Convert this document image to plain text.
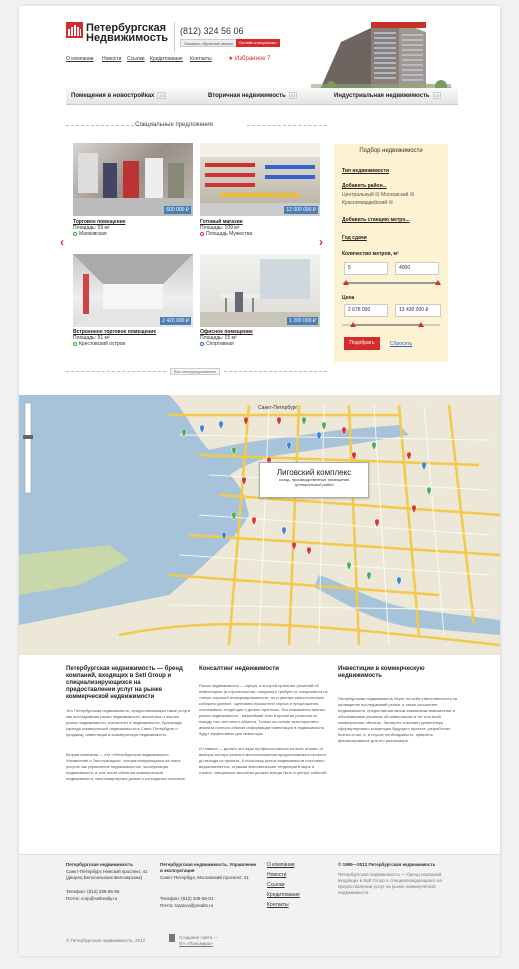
Петербургская
Недвижимость
(812) 324 56 06
Заказать обратный звонок	Онлайн-консультант
О компании Новости Ссылки Кредитование Контакты	★ Избранное 7
Помещения в новостройках 23	Вторичная недвижимость 92	Индустриальная недвижимость 14
Специальные предложения
‹	›
600 000 ₽
Торговое помещение
Площадь: 59 м²
Маяковская
12 000 000 ₽
Готовый магазин
Площадь: 109 м²
Площадь Мужества
2 420 000 ₽
Встроенное торговое помещение
Площадь: 91 м²
Крестовский остров
1 200 000 ₽
Офисное помещение
Площадь: 15 м²
Спортивная
Все спецпредложения
Подбор недвижимости
Тип недвижимости
Добавить район...
Центральный ☒ Московский ☒
Красногвардейский ☒
Добавить станцию метро...
Год сдачи
Количество метров, м²
5	4000
Цена
2 678 000	13 430 000 ₽
Подобрать	Сбросить
Лиговский комплекс
склад, производственные помещения
Центральный район
Санкт-Петербург
Петербургская недвижимость — бренд компаний, входящих в Setl Group и специализирующихся на предоставлении услуг на рынке коммерческой недвижимости
Это Петербургская недвижимость, предоставляющая такие услуги как исследования рынка недвижимости, аналитика и анализ рынка недвижимости, консалтинг в недвижимости, брокеридж (аренда коммерческой недвижимости в Санкт-Петербурге и продажа), инвестиции в коммерческую недвижимость.
Вторая компания — это «Петербургская недвижимость. Управление и Эксплуатация», специализирующаяся на таких услугах как управление недвижимостью, эксплуатация недвижимости, в том числе объектов коммерческой недвижимости, многоквартирных домов и коттеджных поселков.
Консалтинг недвижимости
Рынок недвижимости — сфера, в которой принятие решений об инвестициях (в строительство, например) требует от специалиста не только хорошей информированности, но и умения самостоятельно собирать данные, оценивать показатели спроса и предложения, отслеживать тенденции и делать прогнозы. Это называется анализ рынка недвижимости - важнейший этап в принятии решения по поводу того или иного объекта. Только на основе всестороннего анализа полного объема информации инвестиции в недвижимость будут эффективны для инвестора.
И главное — делать это надо профессионально на всех этапах: от выбора сектора рынка и местоположения предполагаемого проекта до выхода из проекта. А поскольку рынок недвижимости постоянно видоизменяется, отражая экономические тенденции в мире и стране, специалист-аналитик должен всегда быть в центре событий.
Инвестиции в коммерческую недвижимость
Петербургская недвижимость берет на себя ответственность за проведение исследований рынка, а также консалтинг недвижимости, предоставляя своим заказчикам взвешенные и обоснованные решения об инвестициях в тот или иной коммерческие объекты. Эксперты помогают девелоперу сформулировать концепцию будущего проекта, разработать бизнес-план, и, в случае необходимости, привлечь финансирование для его реализации.
Петербургская недвижимость
Санкт-Петербург, Невский проспект, 41 (дворец Белосельских-Белозерских)
Телефон: (812) 335-55-55
Почта: corp@setlrealty.ru
Петербургская недвижимость. Управление и эксплуатация
Санкт-Петербург, Московский проспект, 21
Телефон: (812) 335-55-01
Почта: tarasov@prealts.ru
О компании
Новости
Ссылки
Кредитование
Контакты
© 1995—2012 Петербургская недвижимость
Петербургская недвижимость — бренд компаний, входящих в Setl Group и специализирующихся на предоставлении услуг на рынке коммерческой недвижимости
© Петербургская недвижимость, 2012
Создание сайта —
ИА «Пальмира»
